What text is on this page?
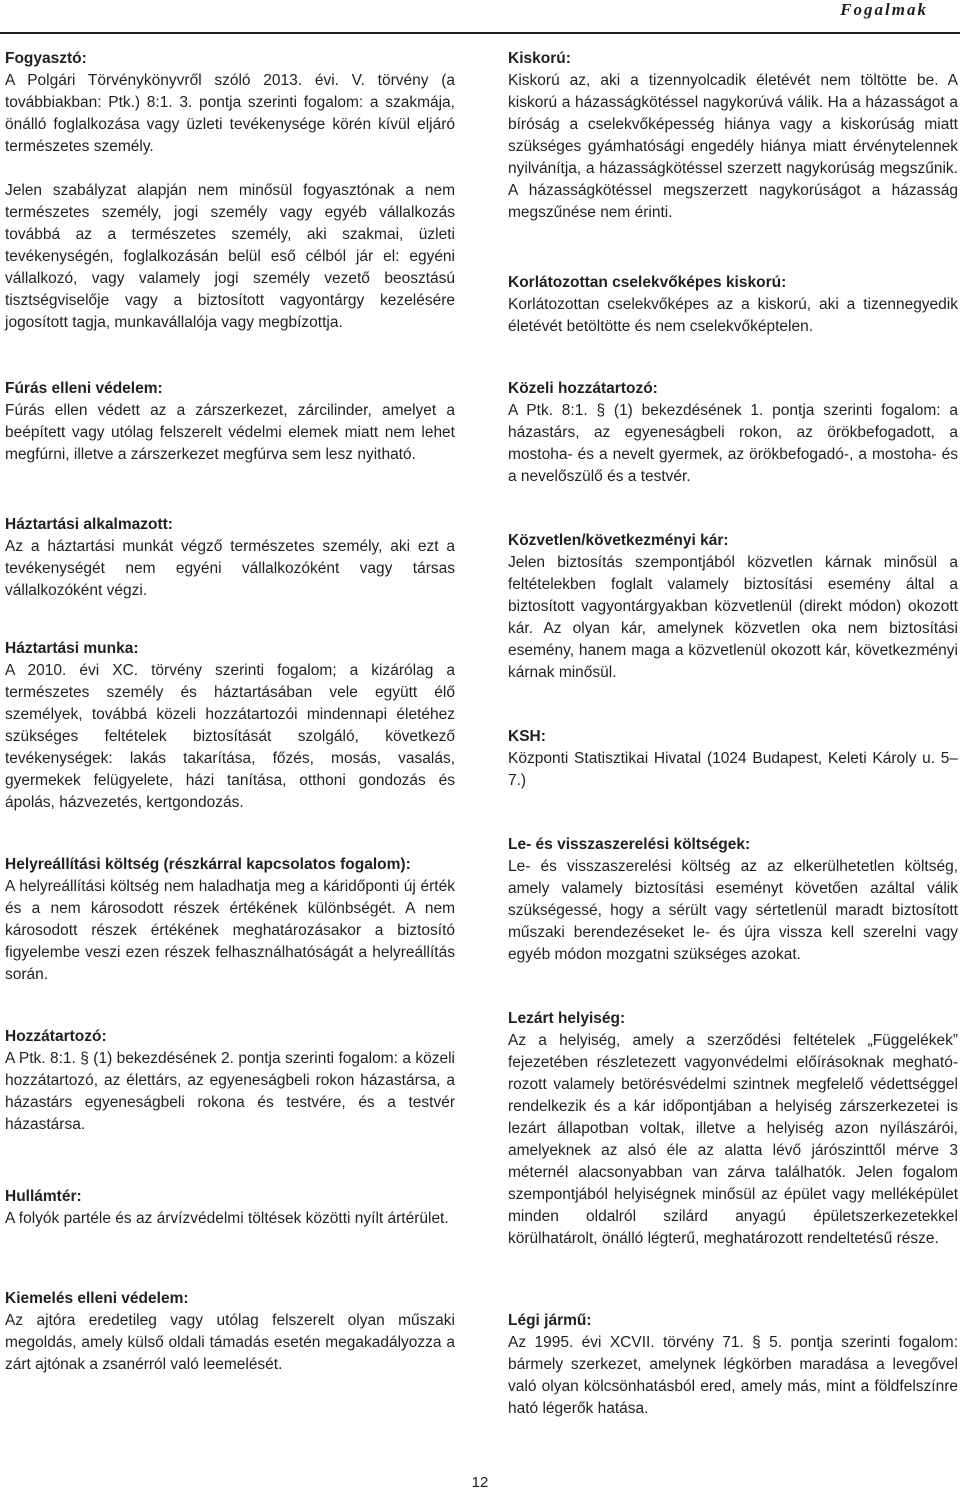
Fogalmak

Fogyasztó:

A Polgári Törvénykönyvről szóló 2013. évi. V. törvény (a továbbiakban: Ptk.) 8:1. 3. pontja szerinti fogalom: a szakmája, önálló foglalkozása vagy üzleti tevékenysége körén kívül eljáró természetes személy.

Jelen szabályzat alapján nem minősül fogyasztónak a nem természetes személy, jogi személy vagy egyéb vállalkozás továbbá az a természetes személy, aki szakmai, üzleti tevékenységén, foglalkozásán belül eső célból jár el: egyéni vállalkozó, vagy valamely jogi személy vezető beosztású tisztségviselője vagy a biztosított vagyontárgy kezelésére jogosított tagja, munkavállalója vagy megbízottja.

Fúrás elleni védelem:

Fúrás ellen védett az a zárszerkezet, zárcilinder, amelyet a beépített vagy utólag felszerelt védelmi elemek miatt nem lehet megfúrni, illetve a zárszerkezet megfúrva sem lesz nyitható.

Háztartási alkalmazott:

Az a háztartási munkát végző természetes személy, aki ezt a tevékenységét nem egyéni vállalkozóként vagy társas vállalkozóként végzi.

Háztartási munka:

A 2010. évi XC. törvény szerinti fogalom; a kizárólag a természetes személy és háztartásában vele együtt élő személyek, továbbá közeli hozzátartozói mindennapi életéhez szükséges feltételek biztosítását szolgáló, következő tevékenységek: lakás takarítása, főzés, mosás, vasalás, gyermekek felügyelete, házi tanítása, otthoni gondozás és ápolás, házvezetés, kertgondozás.

Helyreállítási költség (részkárral kapcsolatos fogalom):

A helyreállítási költség nem haladhatja meg a káridőponti új érték és a nem károsodott részek értékének különbségét. A nem károsodott részek értékének meghatározásakor a biztosító figyelembe veszi ezen részek felhasználhatóságát a helyreállítás során.

Hozzátartozó:

A Ptk. 8:1. § (1) bekezdésének 2. pontja szerinti fogalom: a közeli hozzátartozó, az élettárs, az egyeneságbeli rokon házastársa, a házastárs egyeneságbeli rokona és testvére, és a testvér házastársa.

Hullámtér:

A folyók partéle és az árvízvédelmi töltések közötti nyílt ártérület.

Kiemelés elleni védelem:

Az ajtóra eredetileg vagy utólag felszerelt olyan műszaki megoldás, amely külső oldali támadás esetén megakadályozza a zárt ajtónak a zsanérról való leemelését.

Kiskorú:

Kiskorú az, aki a tizennyolcadik életévét nem töltötte be. A kiskorú a házasságkötéssel nagykorúvá válik. Ha a házasságot a bíróság a cselekvőképesség hiánya vagy a kiskorúság miatt szükséges gyámhatósági engedély hiánya miatt érvénytelennek nyilvánítja, a házasságkötéssel szerzett nagykorúság megszűnik. A házasságkötéssel megszerzett nagykorúságot a házasság megszűnése nem érinti.

Korlátozottan cselekvőképes kiskorú:

Korlátozottan cselekvőképes az a kiskorú, aki a tizennegyedik életévét betöltötte és nem cselekvőképtelen.

Közeli hozzátartozó:

A Ptk. 8:1. § (1) bekezdésének 1. pontja szerinti fogalom: a házastárs, az egyeneságbeli rokon, az örökbefogadott, a mostoha- és a nevelt gyermek, az örökbefogadó-, a mostoha- és a nevelőszülő és a testvér.

Közvetlen/következményi kár:

Jelen biztosítás szempontjából közvetlen kárnak minősül a feltételekben foglalt valamely biztosítási esemény által a biztosított vagyontárgyakban közvetlenül (direkt módon) okozott kár. Az olyan kár, amelynek közvetlen oka nem biztosítási esemény, hanem maga a közvetlenül okozott kár, következményi kárnak minősül.

KSH:

Központi Statisztikai Hivatal (1024 Budapest, Keleti Károly u. 5–7.)

Le- és visszaszerelési költségek:

Le- és visszaszerelési költség az az elkerülhetetlen költség, amely valamely biztosítási eseményt követően azáltal válik szükségessé, hogy a sérült vagy sértetlenül maradt biztosított műszaki berendezéseket le- és újra vissza kell szerelni vagy egyéb módon mozgatni szükséges azokat.

Lezárt helyiség:

Az a helyiség, amely a szerződési feltételek „Függelékek” fejezetében részletezett vagyonvédelmi előírásoknak meghatórozott valamely betörésvédelmi szintnek megfelelő védettséggel rendelkezik és a kár időpontjában a helyiség zárszerkezetei is lezárt állapotban voltak, illetve a helyiség azon nyílászárói, amelyeknek az alsó éle az alatta lévő járószinttől mérve 3 méternél alacsonyabban van zárva találhatók. Jelen fogalom szempontjából helyiségnek minősül az épület vagy melléképület minden oldalról szilárd anyagú épületszerkezetekkel körülhatárolt, önálló légterű, meghatározott rendeltetésű része.

Légi jármű:

Az 1995. évi XCVII. törvény 71. § 5. pontja szerinti fogalom: bármely szerkezet, amelynek légkörben maradása a levegővel való olyan kölcsönhatásból ered, amely más, mint a földfelszínre ható légerők hatása.

12
